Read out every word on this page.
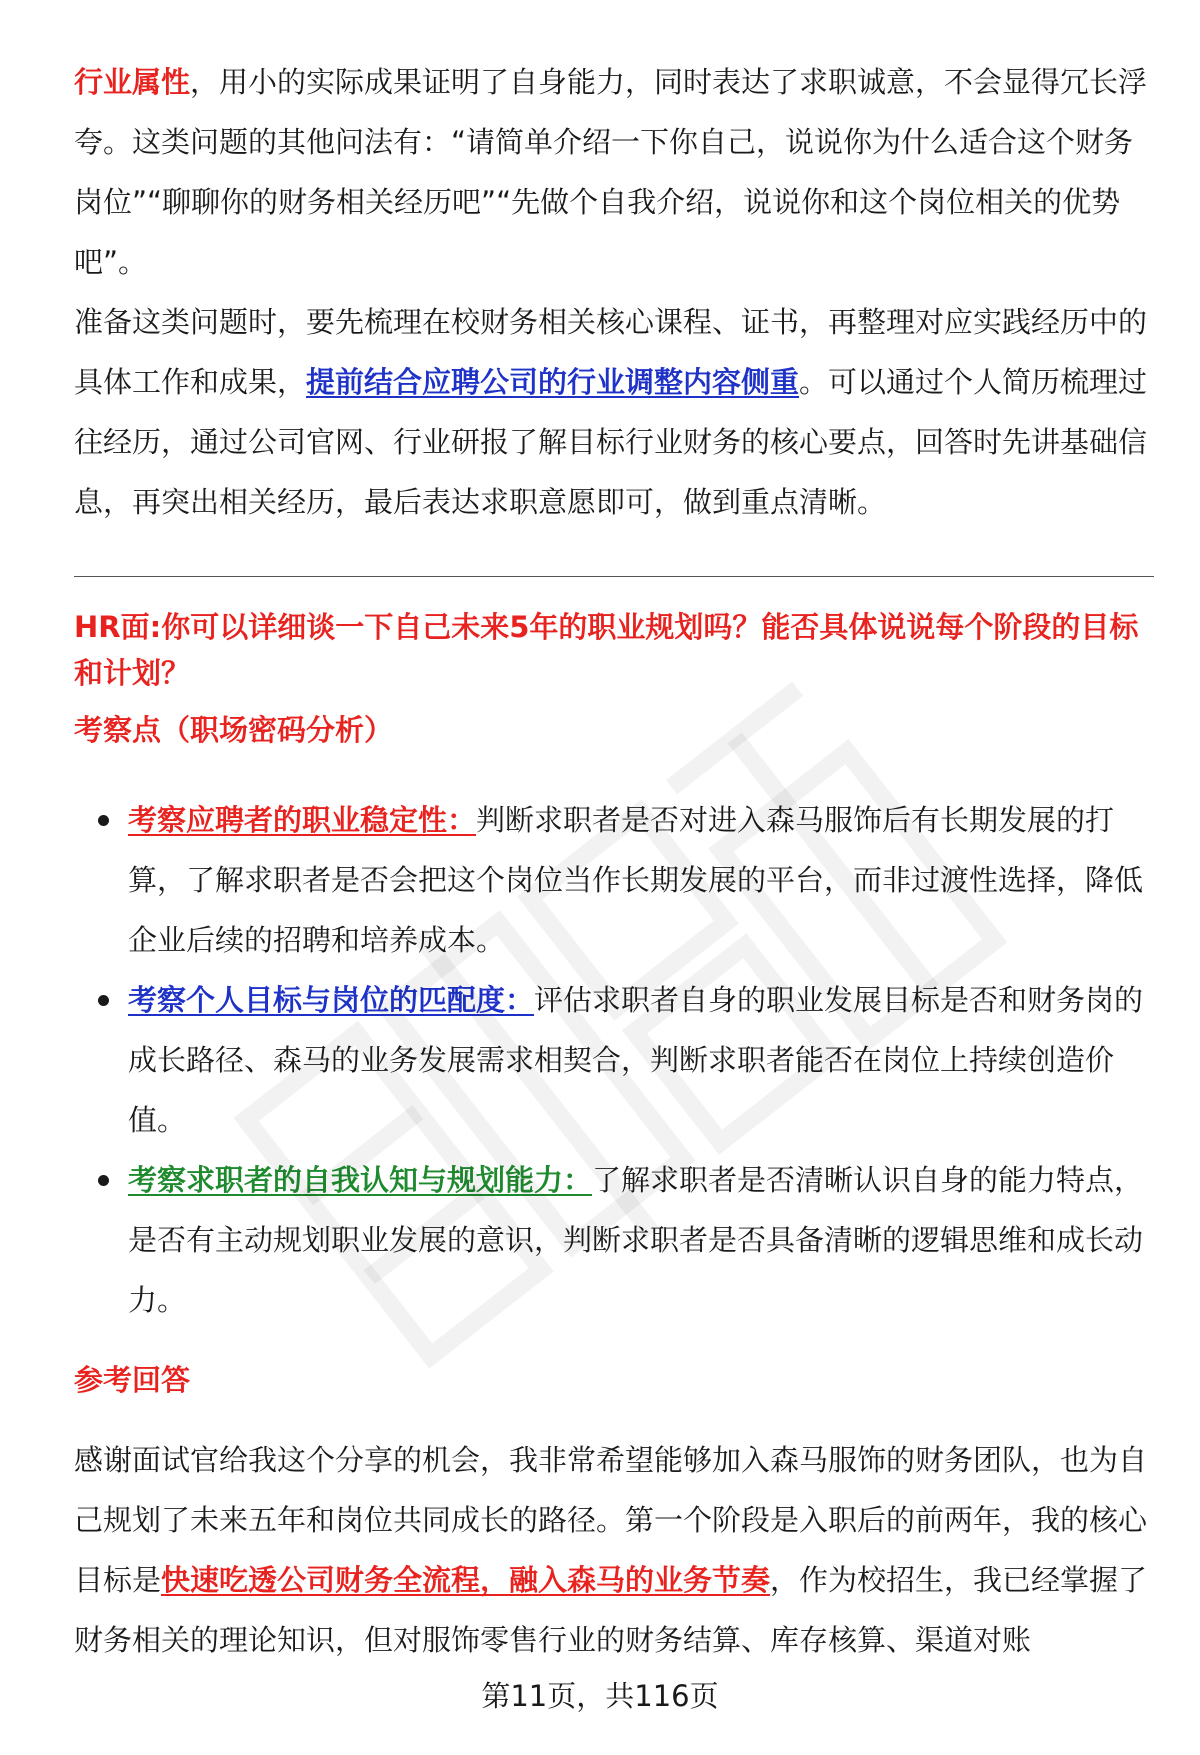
行业属性，用小的实际成果证明了自身能力，同时表达了求职诚意，不会显得冗长浮夸。这类问题的其他问法有：“请简单介绍一下你自己，说说你为什么适合这个财务岗位”“聊聊你的财务相关经历吧”“先做个自我介绍，说说你和这个岗位相关的优势吧”。

准备这类问题时，要先梳理在校财务相关核心课程、证书，再整理对应实践经历中的具体工作和成果，提前结合应聘公司的行业调整内容侧重。可以通过个人简历梳理过往经历，通过公司官网、行业研报了解目标行业财务的核心要点，回答时先讲基础信息，再突出相关经历，最后表达求职意愿即可，做到重点清晰。

HR面:你可以详细谈一下自己未来5年的职业规划吗？能否具体说说每个阶段的目标和计划？

考察点（职场密码分析）

考察应聘者的职业稳定性：判断求职者是否对进入森马服饰后有长期发展的打算，了解求职者是否会把这个岗位当作长期发展的平台，而非过渡性选择，降低企业后续的招聘和培养成本。
考察个人目标与岗位的匹配度：评估求职者自身的职业发展目标是否和财务岗的成长路径、森马的业务发展需求相契合，判断求职者能否在岗位上持续创造价值。
考察求职者的自我认知与规划能力：了解求职者是否清晰认识自身的能力特点，是否有主动规划职业发展的意识，判断求职者是否具备清晰的逻辑思维和成长动力。

参考回答

感谢面试官给我这个分享的机会，我非常希望能够加入森马服饰的财务团队，也为自己规划了未来五年和岗位共同成长的路径。第一个阶段是入职后的前两年，我的核心目标是快速吃透公司财务全流程，融入森马的业务节奏，作为校招生，我已经掌握了财务相关的理论知识，但对服饰零售行业的财务结算、库存核算、渠道对账

第11页，共116页
